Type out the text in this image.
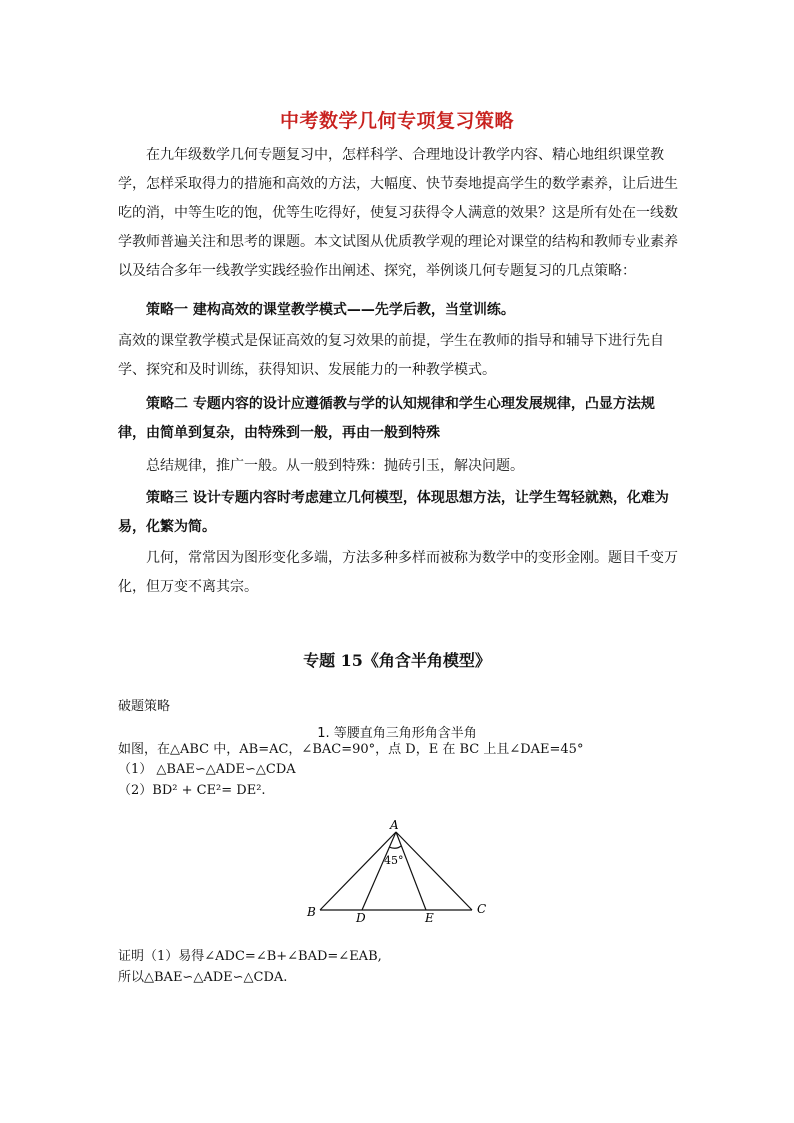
中考数学几何专项复习策略
在九年级数学几何专题复习中，怎样科学、合理地设计教学内容、精心地组织课堂教学，怎样采取得力的措施和高效的方法，大幅度、快节奏地提高学生的数学素养，让后进生吃的消，中等生吃的饱，优等生吃得好，使复习获得令人满意的效果？这是所有处在一线数学教师普遍关注和思考的课题。本文试图从优质教学观的理论对课堂的结构和教师专业素养以及结合多年一线教学实践经验作出阐述、探究，举例谈几何专题复习的几点策略：
策略一 建构高效的课堂教学模式——先学后教，当堂训练。
高效的课堂教学模式是保证高效的复习效果的前提，学生在教师的指导和辅导下进行先自学、探究和及时训练，获得知识、发展能力的一种教学模式。
策略二 专题内容的设计应遵循教与学的认知规律和学生心理发展规律，凸显方法规律，由简单到复杂，由特殊到一般，再由一般到特殊
总结规律，推广一般。从一般到特殊：抛砖引玉，解决问题。
策略三 设计专题内容时考虑建立几何模型，体现思想方法，让学生驾轻就熟，化难为易，化繁为简。
几何，常常因为图形变化多端，方法多种多样而被称为数学中的变形金刚。题目千变万化，但万变不离其宗。
专题 15《角含半角模型》
破题策略
1. 等腰直角三角形角含半角
如图，在△ABC 中，AB=AC，∠BAC=90°，点 D，E 在 BC 上且∠DAE=45°
（1） △BAE∽△ADE∽△CDA
（2）BD² + CE²= DE².
A
45°
B	C
D	E
证明（1）易得∠ADC=∠B+∠BAD=∠EAB,
所以△BAE∽△ADE∽△CDA.
